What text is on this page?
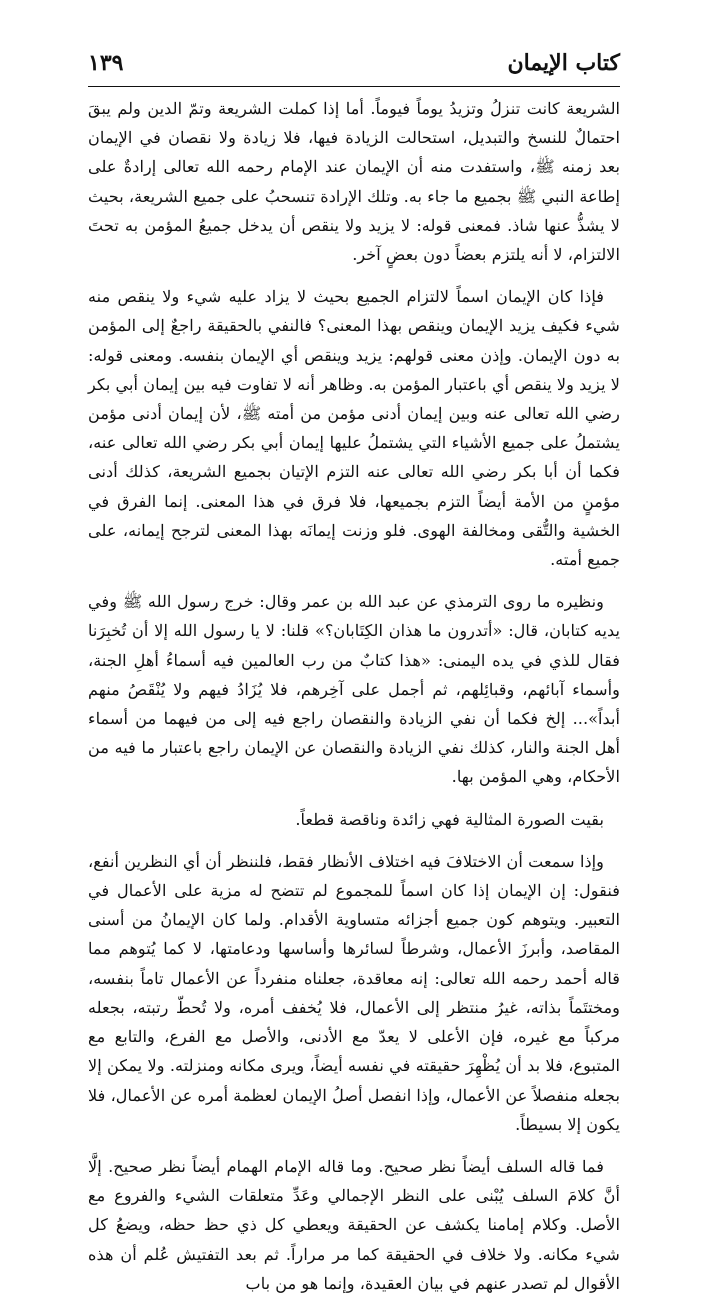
كتاب الإيمان
١٣٩

الشريعة كانت تنزلُ وتزيدُ يوماً فيوماً. أما إذا كملت الشريعة وتمّ الدين ولم يبقَ احتمالٌ للنسخ والتبديل، استحالت الزيادة فيها، فلا زيادة ولا نقصان في الإيمان بعد زمنه ﷺ، واستفدت منه أن الإيمان عند الإمام رحمه الله تعالى إرادةٌ على إطاعة النبي ﷺ بجميع ما جاء به. وتلك الإرادة تنسحبُ على جميع الشريعة، بحيث لا يشذُّ عنها شاذ. فمعنى قوله: لا يزيد ولا ينقص أن يدخل جميعُ المؤمن به تحتَ الالتزام، لا أنه يلتزم بعضاً دون بعضٍ آخر.

فإذا كان الإيمان اسماً لالتزام الجميع بحيث لا يزاد عليه شيء ولا ينقص منه شيء فكيف يزيد الإيمان وينقص بهذا المعنى؟ فالنفي بالحقيقة راجعٌ إلى المؤمن به دون الإيمان. وإذن معنى قولهم: يزيد وينقص أي الإيمان بنفسه. ومعنى قوله: لا يزيد ولا ينقص أي باعتبار المؤمن به. وظاهر أنه لا تفاوت فيه بين إيمان أبي بكر رضي الله تعالى عنه وبين إيمان أدنى مؤمن من أمته ﷺ، لأن إيمان أدنى مؤمن يشتملُ على جميع الأشياء التي يشتملُ عليها إيمان أبي بكر رضي الله تعالى عنه، فكما أن أبا بكر رضي الله تعالى عنه التزم الإتيان بجميع الشريعة، كذلك أدنى مؤمنٍ من الأمة أيضاً التزم بجميعها، فلا فرق في هذا المعنى. إنما الفرق في الخشية والتُّقى ومخالفة الهوى. فلو وزنت إيمانَه بهذا المعنى لترجح إيمانه، على جميع أمته.

ونظيره ما روى الترمذي عن عبد الله بن عمر وقال: خرج رسول الله ﷺ وفي يديه كتابان، قال: «أتدرون ما هذان الكِتَابان؟» قلنا: لا يا رسول الله إلا أن تُخبِرَنا فقال للذي في يده اليمنى: «هذا كتابٌ من رب العالمين فيه أسماءُ أهلِ الجنة، وأسماء آبائهم، وقبائِلهم، ثم أجمل على آخِرهم، فلا يُزَادُ فيهم ولا يُنْقَصُ منهم أبداً»... إلخ فكما أن نفي الزيادة والنقصان راجع فيه إلى من فيهما من أسماء أهل الجنة والنار، كذلك نفي الزيادة والنقصان عن الإيمان راجع باعتبار ما فيه من الأحكام، وهي المؤمن بها.

بقيت الصورة المثالية فهي زائدة وناقصة قطعاً.

وإذا سمعت أن الاختلافَ فيه اختلاف الأنظار فقط، فلننظر أن أي النظرين أنفع، فنقول: إن الإيمان إذا كان اسماً للمجموع لم تتضح له مزية على الأعمال في التعبير. ويتوهم كون جميع أجزائه متساوية الأقدام. ولما كان الإيمانُ من أسنى المقاصد، وأبرزَ الأعمال، وشرطاً لسائرها وأساسها ودعامتها، لا كما يُتوهم مما قاله أحمد رحمه الله تعالى: إنه معاقدة، جعلناه منفرداً عن الأعمال تاماً بنفسه، ومختتَماً بذاته، غيرُ منتظر إلى الأعمال، فلا يُخفف أمره، ولا تُحطّ رتبته، بجعله مركباً مع غيره، فإن الأعلى لا يعدّ مع الأدنى، والأصل مع الفرع، والتابع مع المتبوع، فلا بد أن يُظْهِرَ حقيقته في نفسه أيضاً، ويرى مكانه ومنزلته. ولا يمكن إلا بجعله منفصلاً عن الأعمال، وإذا انفصل أصلُ الإيمان لعظمة أمره عن الأعمال، فلا يكون إلا بسيطاً.

فما قاله السلف أيضاً نظر صحيح. وما قاله الإمام الهمام أيضاً نظر صحيح. إلَّا أنَّ كلامَ السلف يُبْنى على النظر الإجمالي وعَدِّ متعلقات الشيء والفروع مع الأصل. وكلام إمامنا يكشف عن الحقيقة ويعطي كل ذي حظ حظه، ويضعُ كل شيء مكانه. ولا خلاف في الحقيقة كما مر مراراً. ثم بعد التفتيش عُلم أن هذه الأقوال لم تصدر عنهم في بيان العقيدة، وإنما هو من باب
